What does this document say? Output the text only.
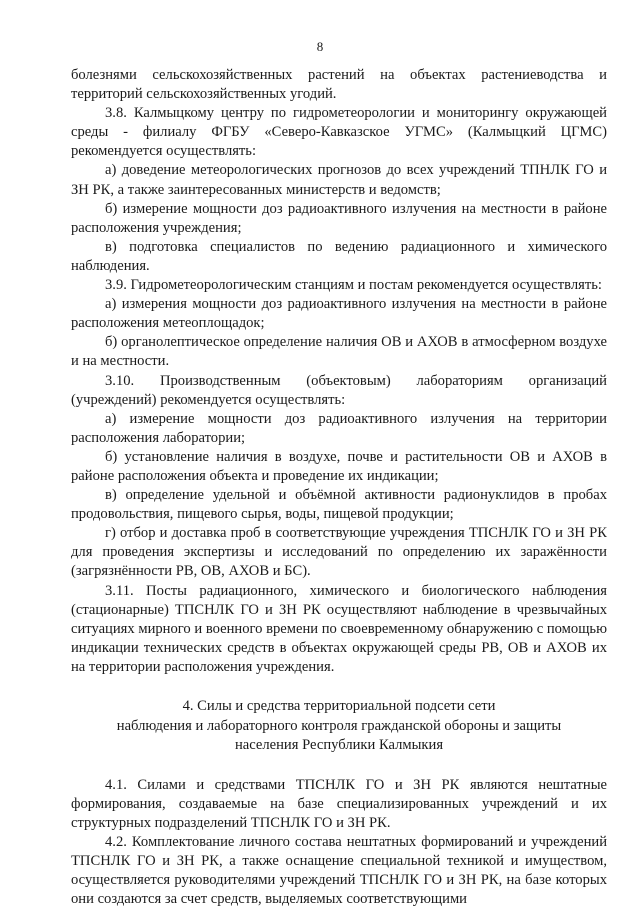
8

болезнями сельскохозяйственных растений на объектах растениеводства и территорий сельскохозяйственных угодий.

3.8. Калмыцкому центру по гидрометеорологии и мониторингу окружающей среды - филиалу ФГБУ «Северо-Кавказское УГМС» (Калмыцкий ЦГМС) рекомендуется осуществлять:

а) доведение метеорологических прогнозов до всех учреждений ТПНЛК ГО и ЗН РК, а также заинтересованных министерств и ведомств;

б) измерение мощности доз радиоактивного излучения на местности в районе расположения учреждения;

в) подготовка специалистов по ведению радиационного и химического наблюдения.

3.9. Гидрометеорологическим станциям и постам рекомендуется осуществлять:

а) измерения мощности доз радиоактивного излучения на местности в районе расположения метеоплощадок;

б) органолептическое определение наличия ОВ и АХОВ в атмосферном воздухе и на местности.

3.10. Производственным (объектовым) лабораториям организаций (учреждений) рекомендуется осуществлять:

а) измерение мощности доз радиоактивного излучения на территории расположения лаборатории;

б) установление наличия в воздухе, почве и растительности ОВ и АХОВ в районе расположения объекта и проведение их индикации;

в) определение удельной и объёмной активности радионуклидов в пробах продовольствия, пищевого сырья, воды, пищевой продукции;

г) отбор и доставка проб в соответствующие учреждения ТПСНЛК ГО и ЗН РК для проведения экспертизы и исследований по определению их заражённости (загрязнённости РВ, ОВ, АХОВ и БС).

3.11. Посты радиационного, химического и биологического наблюдения (стационарные) ТПСНЛК ГО и ЗН РК осуществляют наблюдение в чрезвычайных ситуациях мирного и военного времени по своевременному обнаружению с помощью индикации технических средств в объектах окружающей среды РВ, ОВ и АХОВ их на территории расположения учреждения.

4. Силы и средства территориальной подсети сети
наблюдения и лабораторного контроля гражданской обороны и защиты
населения Республики Калмыкия

4.1. Силами и средствами ТПСНЛК ГО и ЗН РК являются нештатные формирования, создаваемые на базе специализированных учреждений и их структурных подразделений ТПСНЛК ГО и ЗН РК.

4.2. Комплектование личного состава нештатных формирований и учреждений ТПСНЛК ГО и ЗН РК, а также оснащение специальной техникой и имуществом, осуществляется руководителями учреждений ТПСНЛК ГО и ЗН РК, на базе которых они создаются за счет средств, выделяемых соответствующими
